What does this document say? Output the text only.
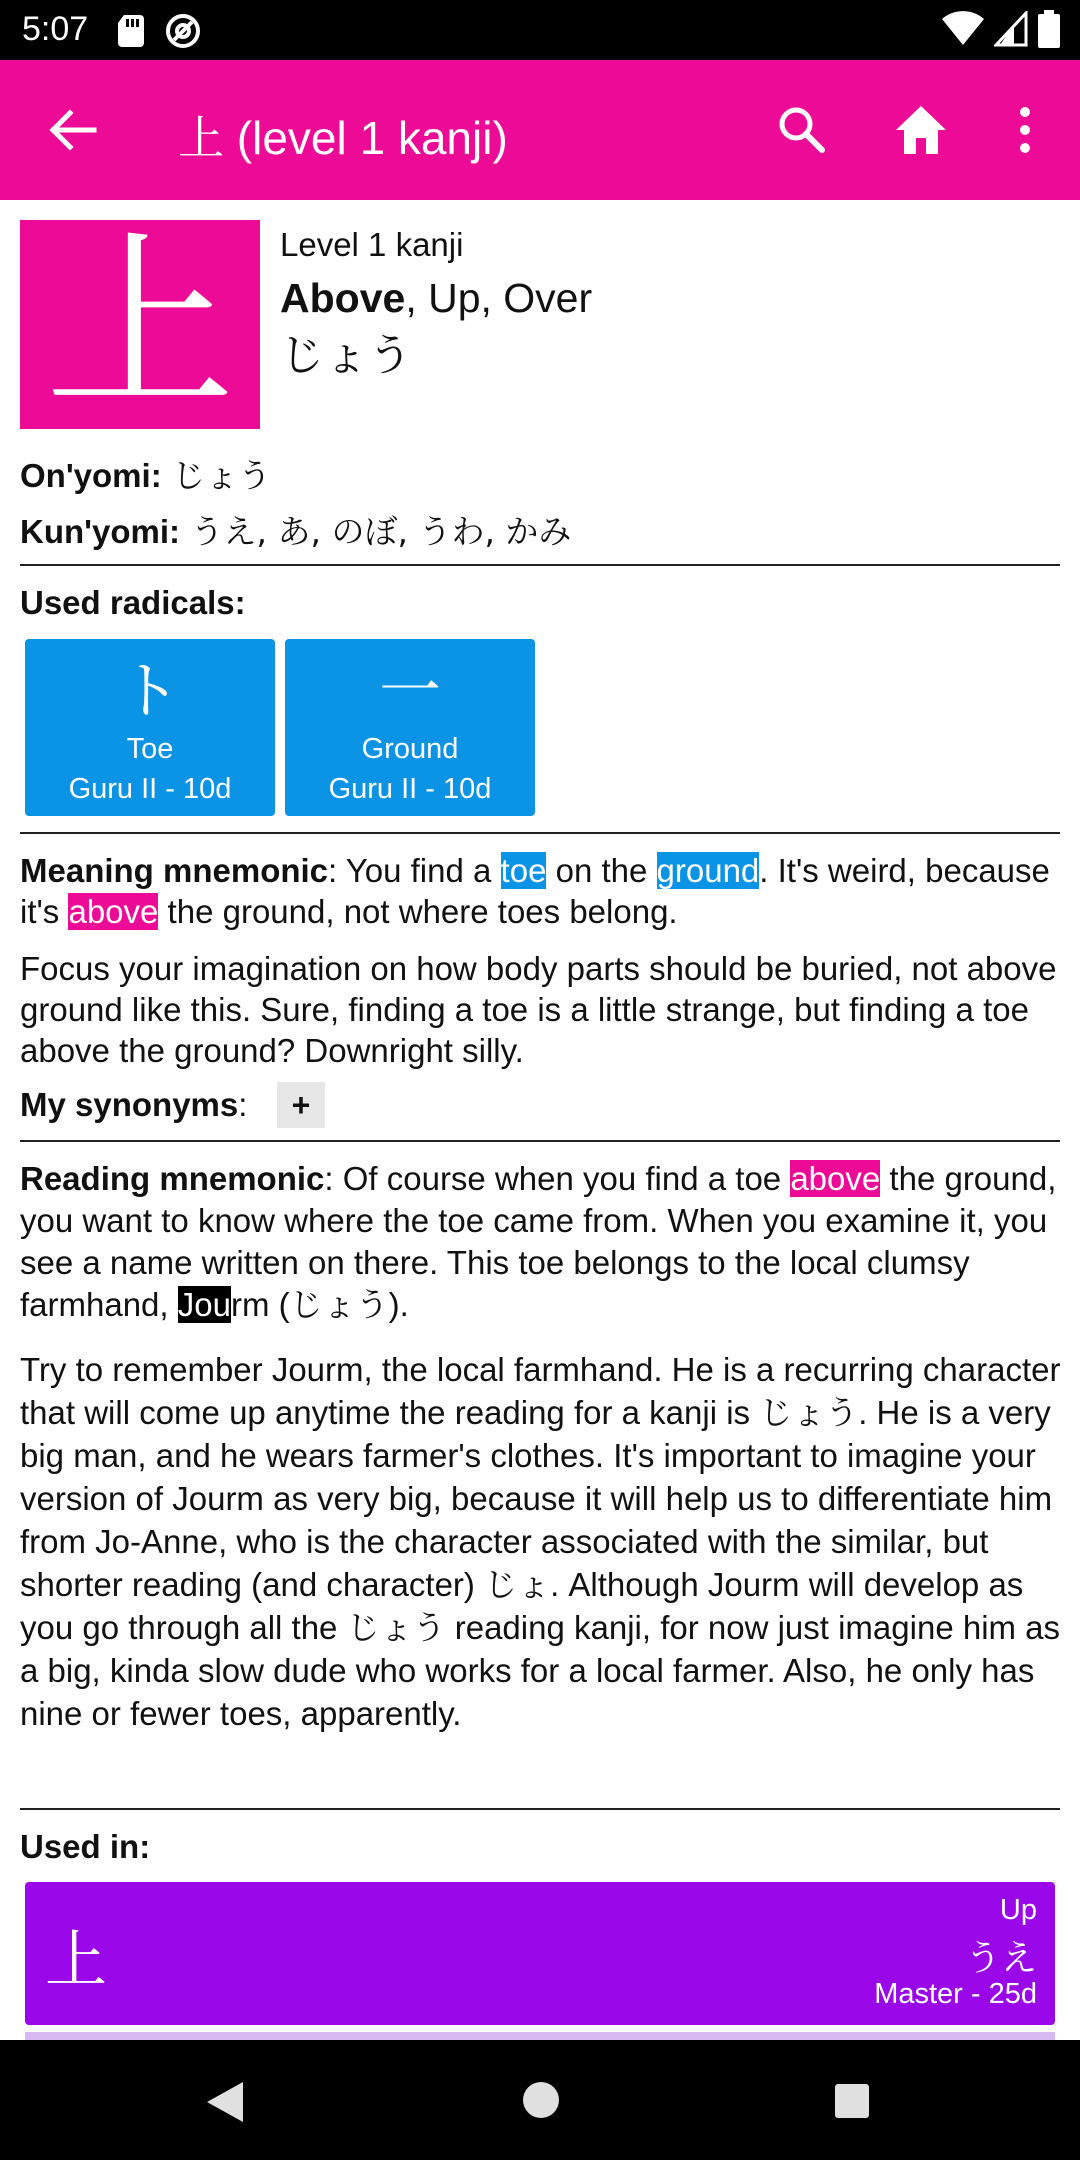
5:07
上 (level 1 kanji)
上	Level 1 kanji
Above, Up, Over
じょう
On'yomi: じょう
Kun'yomi: うえ, あ, のぼ, うわ, かみ
Used radicals:
ト
Toe
Guru II - 10d
一
Ground
Guru II - 10d
Meaning mnemonic: You find a toe on the ground. It's weird, because it's above the ground, not where toes belong.
Focus your imagination on how body parts should be buried, not above ground like this. Sure, finding a toe is a little strange, but finding a toe above the ground? Downright silly.
My synonyms:	+
Reading mnemonic: Of course when you find a toe above the ground, you want to know where the toe came from. When you examine it, you see a name written on there. This toe belongs to the local clumsy farmhand, Jourm (じょう).
Try to remember Jourm, the local farmhand. He is a recurring character that will come up anytime the reading for a kanji is じょう. He is a very big man, and he wears farmer's clothes. It's important to imagine your version of Jourm as very big, because it will help us to differentiate him from Jo-Anne, who is the character associated with the similar, but shorter reading (and character) じょ. Although Jourm will develop as you go through all the じょう reading kanji, for now just imagine him as a big, kinda slow dude who works for a local farmer. Also, he only has nine or fewer toes, apparently.
Used in:
上
Up
うえ
Master - 25d
